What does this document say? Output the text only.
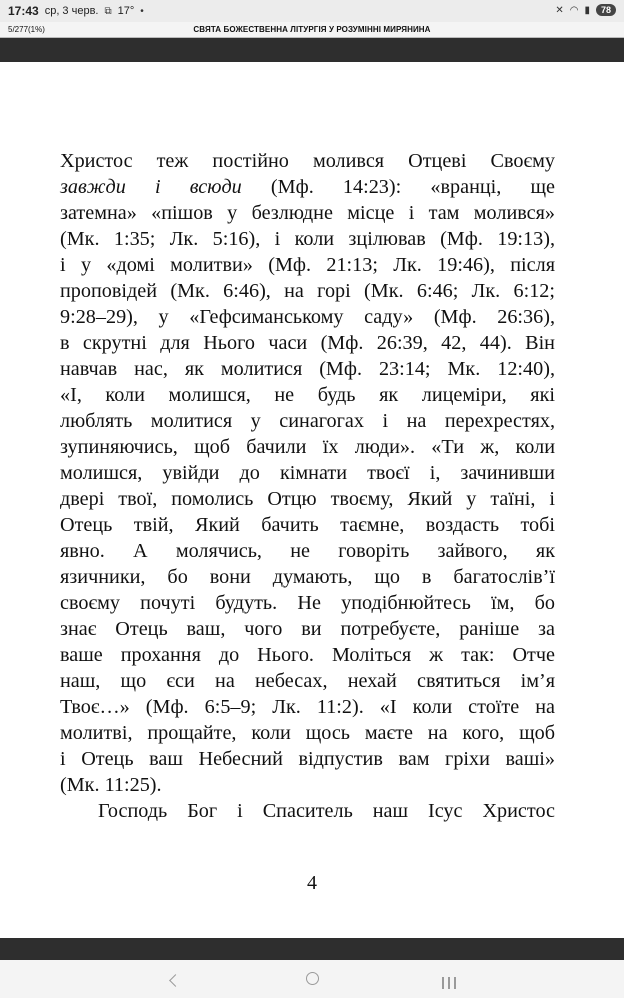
17:43 ср, 3 черв. ⧉ 17° •	✕ ◠ ▮	78
5/277(1%)	СВЯТА БОЖЕСТВЕННА ЛІТУРГІЯ У РОЗУМІННІ МИРЯНИНА
Христос теж постійно молився Отцеві Своєму
завжди і всюди (Мф. 14:23): «вранці, ще
затемна» «пішов у безлюдне місце і там молився»
(Мк. 1:35; Лк. 5:16), і коли зцілював (Мф. 19:13),
і у «домі молитви» (Мф. 21:13; Лк. 19:46), після
проповідей (Мк. 6:46), на горі (Мк. 6:46; Лк. 6:12;
9:28–29), у «Гефсиманському саду» (Мф. 26:36),
в скрутні для Нього часи (Мф. 26:39, 42, 44). Він
навчав нас, як молитися (Мф. 23:14; Мк. 12:40),
«І, коли молишся, не будь як лицеміри, які
люблять молитися у синагогах і на перехрестях,
зупиняючись, щоб бачили їх люди». «Ти ж, коли
молишся, увійди до кімнати твоєї і, зачинивши
двері твої, помолись Отцю твоєму, Який у таїні, і
Отець твій, Який бачить таємне, воздасть тобі
явно. А молячись, не говоріть зайвого, як
язичники, бо вони думають, що в багатослів’ї
своєму почуті будуть. Не уподібнюйтесь їм, бо
знає Отець ваш, чого ви потребуєте, раніше за
ваше прохання до Нього. Моліться ж так: Отче
наш, що єси на небесах, нехай святиться ім’я
Твоє…» (Мф. 6:5–9; Лк. 11:2). «І коли стоїте на
молитві, прощайте, коли щось маєте на кого, щоб
і Отець ваш Небесний відпустив вам гріхи ваші»
(Мк. 11:25).
Господь Бог і Спаситель наш Ісус Христос
4
